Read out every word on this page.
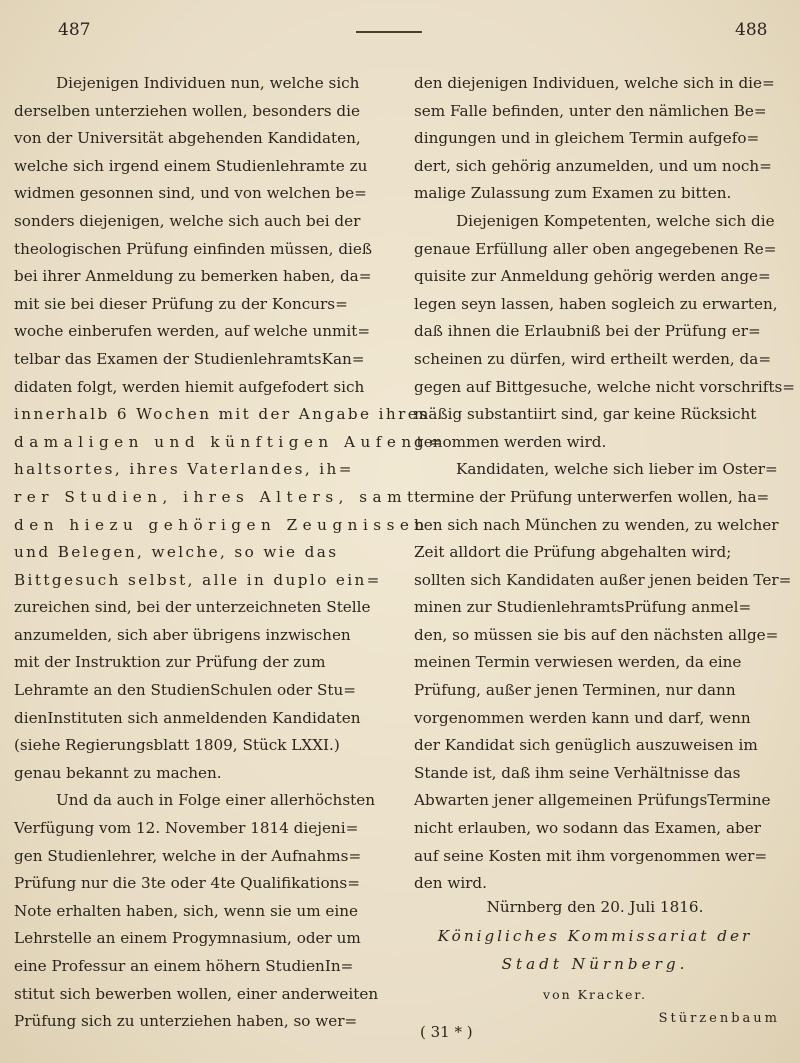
487	488
Diejenigen Individuen nun, welche sich
derselben unterziehen wollen, besonders die
von der Universität abgehenden Kandidaten,
welche sich irgend einem Studienlehramte zu
widmen gesonnen sind, und von welchen be=
sonders diejenigen, welche sich auch bei der
theologischen Prüfung einfinden müssen, dieß
bei ihrer Anmeldung zu bemerken haben, da=
mit sie bei dieser Prüfung zu der Koncurs=
woche einberufen werden, auf welche unmit=
telbar das Examen der StudienlehramtsKan=
didaten folgt, werden hiemit aufgefodert sich
innerhalb 6 Wochen mit der Angabe ihres
damaligen und künftigen Aufent=
haltsortes, ihres Vaterlandes, ih=
rer Studien, ihres Alters, samt
den hiezu gehörigen Zeugnissen
und Belegen, welche, so wie das
Bittgesuch selbst, alle in duplo ein=
zureichen sind, bei der unterzeichneten Stelle
anzumelden, sich aber übrigens inzwischen
mit der Instruktion zur Prüfung der zum
Lehramte an den StudienSchulen oder Stu=
dienInstituten sich anmeldenden Kandidaten
(siehe Regierungsblatt 1809, Stück LXXI.)
genau bekannt zu machen.
Und da auch in Folge einer allerhöchsten
Verfügung vom 12. November 1814 diejeni=
gen Studienlehrer, welche in der Aufnahms=
Prüfung nur die 3te oder 4te Qualifikations=
Note erhalten haben, sich, wenn sie um eine
Lehrstelle an einem Progymnasium, oder um
eine Professur an einem höhern StudienIn=
stitut sich bewerben wollen, einer anderweiten
Prüfung sich zu unterziehen haben, so wer=
den diejenigen Individuen, welche sich in die=
sem Falle befinden, unter den nämlichen Be=
dingungen und in gleichem Termin aufgefo=
dert, sich gehörig anzumelden, und um noch=
malige Zulassung zum Examen zu bitten.
Diejenigen Kompetenten, welche sich die
genaue Erfüllung aller oben angegebenen Re=
quisite zur Anmeldung gehörig werden ange=
legen seyn lassen, haben sogleich zu erwarten,
daß ihnen die Erlaubniß bei der Prüfung er=
scheinen zu dürfen, wird ertheilt werden, da=
gegen auf Bittgesuche, welche nicht vorschrifts=
mäßig substantiirt sind, gar keine Rücksicht
genommen werden wird.
Kandidaten, welche sich lieber im Oster=
termine der Prüfung unterwerfen wollen, ha=
ben sich nach München zu wenden, zu welcher
Zeit alldort die Prüfung abgehalten wird;
sollten sich Kandidaten außer jenen beiden Ter=
minen zur StudienlehramtsPrüfung anmel=
den, so müssen sie bis auf den nächsten allge=
meinen Termin verwiesen werden, da eine
Prüfung, außer jenen Terminen, nur dann
vorgenommen werden kann und darf, wenn
der Kandidat sich genüglich auszuweisen im
Stande ist, daß ihm seine Verhältnisse das
Abwarten jener allgemeinen PrüfungsTermine
nicht erlauben, wo sodann das Examen, aber
auf seine Kosten mit ihm vorgenommen wer=
den wird.
Nürnberg den 20. Juli 1816.
Königliches Kommissariat der
Stadt Nürnberg.
von Kracker.
Stürzenbaum
( 31 * )
